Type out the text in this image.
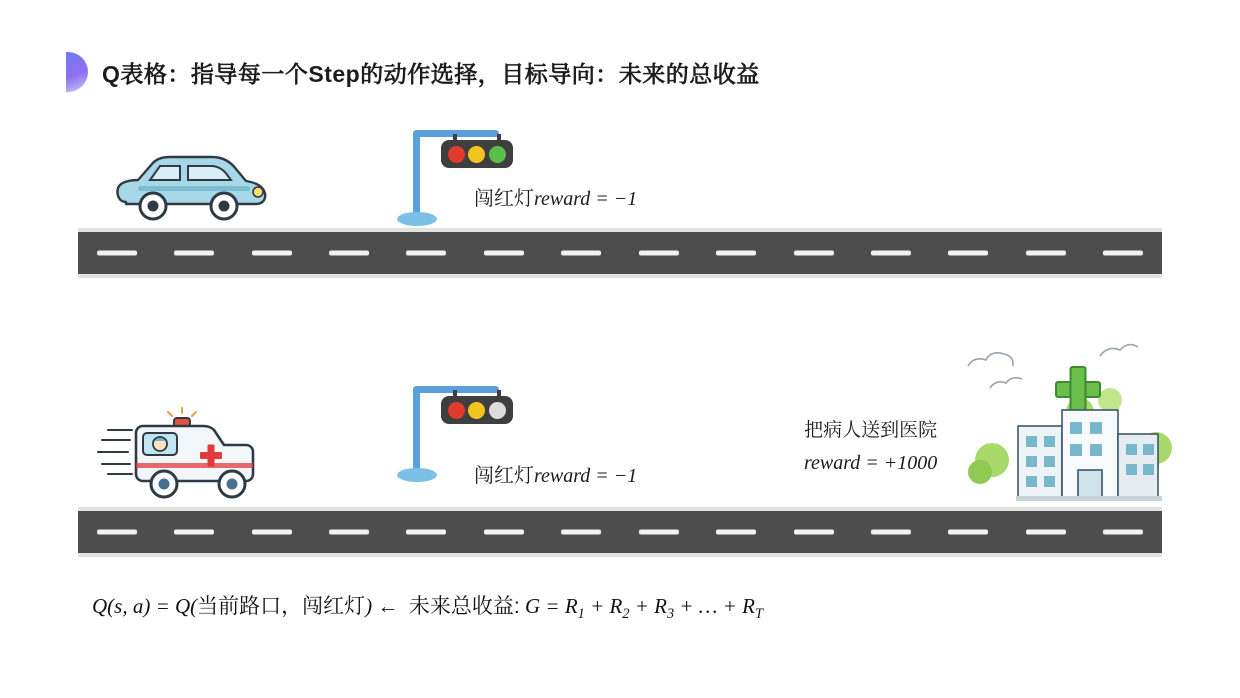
Q表格：指导每一个Step的动作选择，目标导向：未来的总收益
闯红灯reward = −1
闯红灯reward = −1
把病人送到医院
reward = +1000
Q(s, a) = Q(当前路口，闯红灯) ← 未来总收益: $G = R_1 + R_2 + R_3$ + … + $R_T$
